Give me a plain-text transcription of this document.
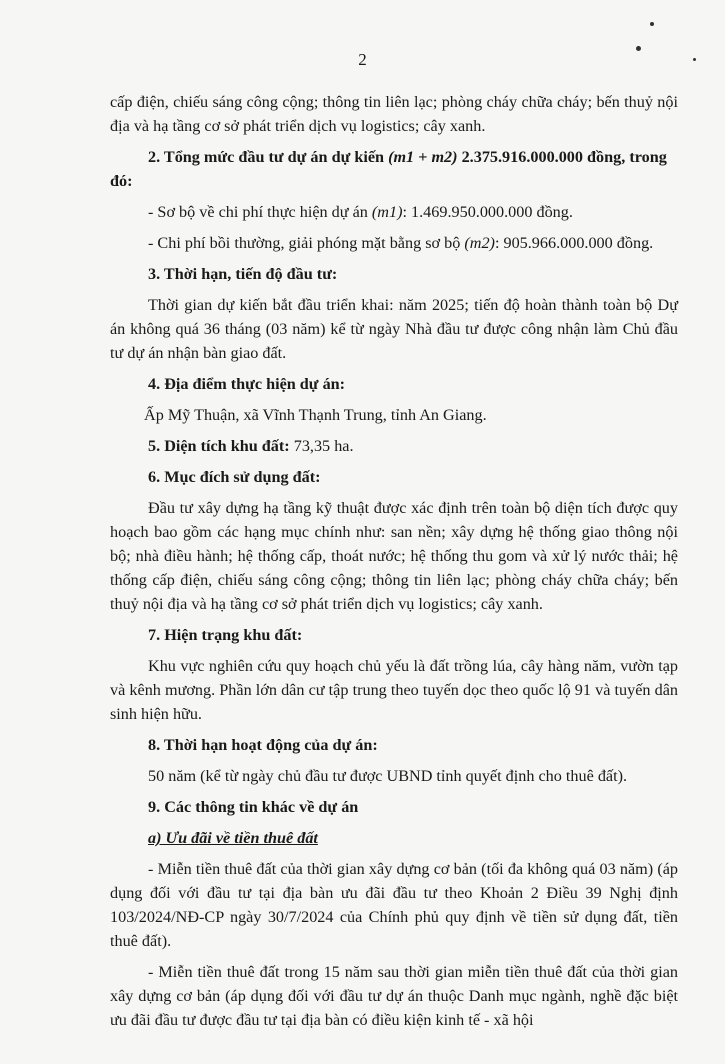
2

cấp điện, chiếu sáng công cộng; thông tin liên lạc; phòng cháy chữa cháy; bến thuỷ nội địa và hạ tầng cơ sở phát triển dịch vụ logistics; cây xanh.

2. Tổng mức đầu tư dự án dự kiến (m1 + m2) 2.375.916.000.000 đồng, trong đó:

- Sơ bộ về chi phí thực hiện dự án (m1): 1.469.950.000.000 đồng.

- Chi phí bồi thường, giải phóng mặt bằng sơ bộ (m2): 905.966.000.000 đồng.

3. Thời hạn, tiến độ đầu tư:

Thời gian dự kiến bắt đầu triển khai: năm 2025; tiến độ hoàn thành toàn bộ Dự án không quá 36 tháng (03 năm) kể từ ngày Nhà đầu tư được công nhận làm Chủ đầu tư dự án nhận bàn giao đất.

4. Địa điểm thực hiện dự án:

Ấp Mỹ Thuận, xã Vĩnh Thạnh Trung, tỉnh An Giang.

5. Diện tích khu đất: 73,35 ha.

6. Mục đích sử dụng đất:

Đầu tư xây dựng hạ tầng kỹ thuật được xác định trên toàn bộ diện tích được quy hoạch bao gồm các hạng mục chính như: san nền; xây dựng hệ thống giao thông nội bộ; nhà điều hành; hệ thống cấp, thoát nước; hệ thống thu gom và xử lý nước thải; hệ thống cấp điện, chiếu sáng công cộng; thông tin liên lạc; phòng cháy chữa cháy; bến thuỷ nội địa và hạ tầng cơ sở phát triển dịch vụ logistics; cây xanh.

7. Hiện trạng khu đất:

Khu vực nghiên cứu quy hoạch chủ yếu là đất trồng lúa, cây hàng năm, vườn tạp và kênh mương. Phần lớn dân cư tập trung theo tuyến dọc theo quốc lộ 91 và tuyến dân sinh hiện hữu.

8. Thời hạn hoạt động của dự án:

50 năm (kể từ ngày chủ đầu tư được UBND tỉnh quyết định cho thuê đất).

9. Các thông tin khác về dự án

a) Ưu đãi về tiền thuê đất

- Miễn tiền thuê đất của thời gian xây dựng cơ bản (tối đa không quá 03 năm) (áp dụng đối với đầu tư tại địa bàn ưu đãi đầu tư theo Khoản 2 Điều 39 Nghị định 103/2024/NĐ-CP ngày 30/7/2024 của Chính phủ quy định về tiền sử dụng đất, tiền thuê đất).

- Miễn tiền thuê đất trong 15 năm sau thời gian miễn tiền thuê đất của thời gian xây dựng cơ bản (áp dụng đối với đầu tư dự án thuộc Danh mục ngành, nghề đặc biệt ưu đãi đầu tư được đầu tư tại địa bàn có điều kiện kinh tế - xã hội
